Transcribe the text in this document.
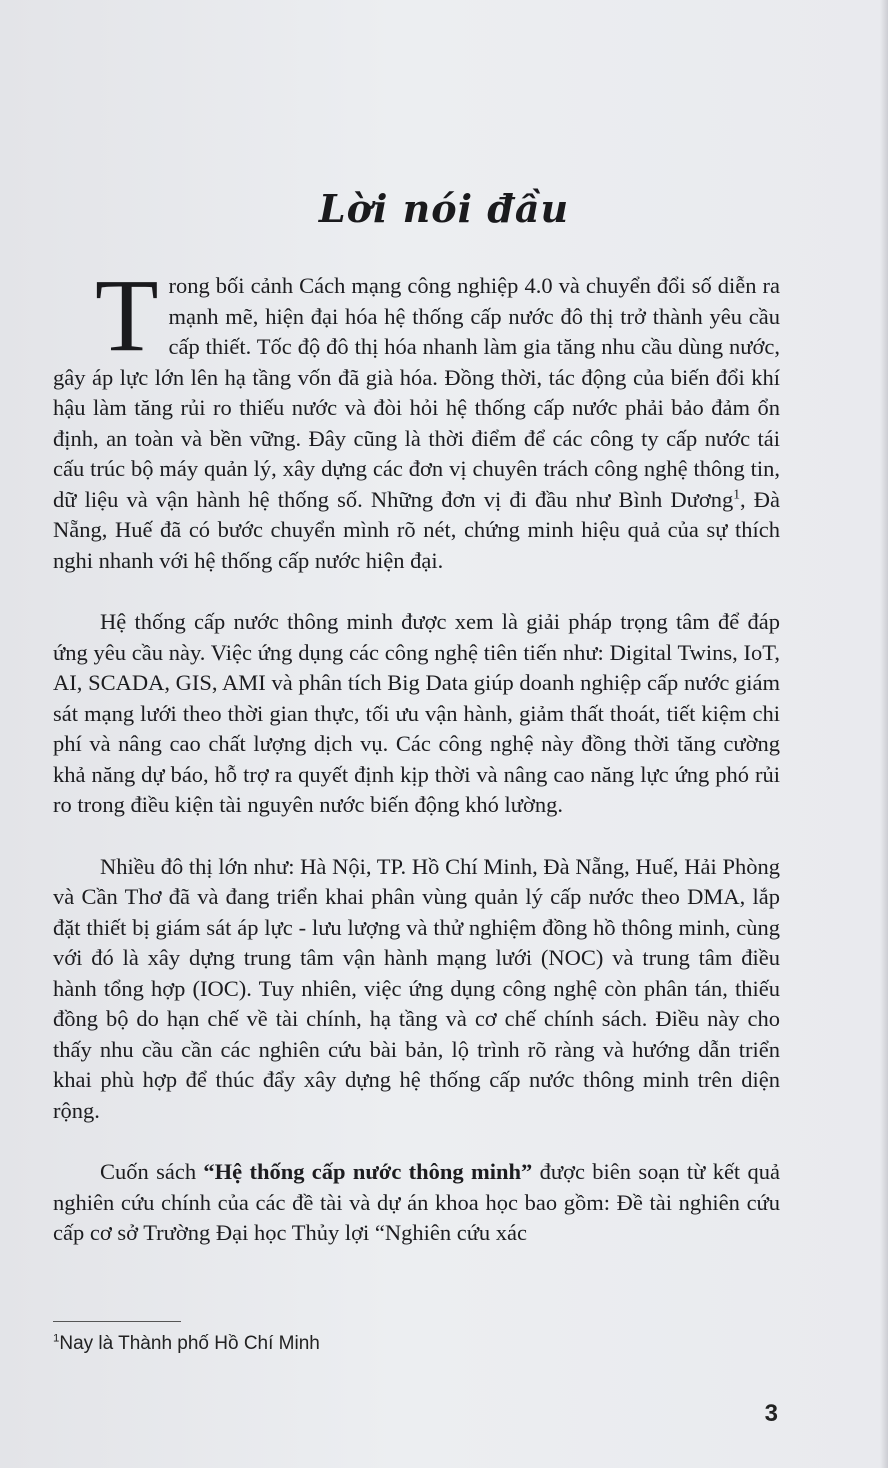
Lời nói đầu

Trong bối cảnh Cách mạng công nghiệp 4.0 và chuyển đổi số diễn ra mạnh mẽ, hiện đại hóa hệ thống cấp nước đô thị trở thành yêu cầu cấp thiết. Tốc độ đô thị hóa nhanh làm gia tăng nhu cầu dùng nước, gây áp lực lớn lên hạ tầng vốn đã già hóa. Đồng thời, tác động của biến đổi khí hậu làm tăng rủi ro thiếu nước và đòi hỏi hệ thống cấp nước phải bảo đảm ổn định, an toàn và bền vững. Đây cũng là thời điểm để các công ty cấp nước tái cấu trúc bộ máy quản lý, xây dựng các đơn vị chuyên trách công nghệ thông tin, dữ liệu và vận hành hệ thống số. Những đơn vị đi đầu như Bình Dương$^1$, Đà Nẵng, Huế đã có bước chuyển mình rõ nét, chứng minh hiệu quả của sự thích nghi nhanh với hệ thống cấp nước hiện đại.

Hệ thống cấp nước thông minh được xem là giải pháp trọng tâm để đáp ứng yêu cầu này. Việc ứng dụng các công nghệ tiên tiến như: Digital Twins, IoT, AI, SCADA, GIS, AMI và phân tích Big Data giúp doanh nghiệp cấp nước giám sát mạng lưới theo thời gian thực, tối ưu vận hành, giảm thất thoát, tiết kiệm chi phí và nâng cao chất lượng dịch vụ. Các công nghệ này đồng thời tăng cường khả năng dự báo, hỗ trợ ra quyết định kịp thời và nâng cao năng lực ứng phó rủi ro trong điều kiện tài nguyên nước biến động khó lường.

Nhiều đô thị lớn như: Hà Nội, TP. Hồ Chí Minh, Đà Nẵng, Huế, Hải Phòng và Cần Thơ đã và đang triển khai phân vùng quản lý cấp nước theo DMA, lắp đặt thiết bị giám sát áp lực - lưu lượng và thử nghiệm đồng hồ thông minh, cùng với đó là xây dựng trung tâm vận hành mạng lưới (NOC) và trung tâm điều hành tổng hợp (IOC). Tuy nhiên, việc ứng dụng công nghệ còn phân tán, thiếu đồng bộ do hạn chế về tài chính, hạ tầng và cơ chế chính sách. Điều này cho thấy nhu cầu cần các nghiên cứu bài bản, lộ trình rõ ràng và hướng dẫn triển khai phù hợp để thúc đẩy xây dựng hệ thống cấp nước thông minh trên diện rộng.

Cuốn sách “Hệ thống cấp nước thông minh” được biên soạn từ kết quả nghiên cứu chính của các đề tài và dự án khoa học bao gồm: Đề tài nghiên cứu cấp cơ sở Trường Đại học Thủy lợi “Nghiên cứu xác

$^1$Nay là Thành phố Hồ Chí Minh
3
